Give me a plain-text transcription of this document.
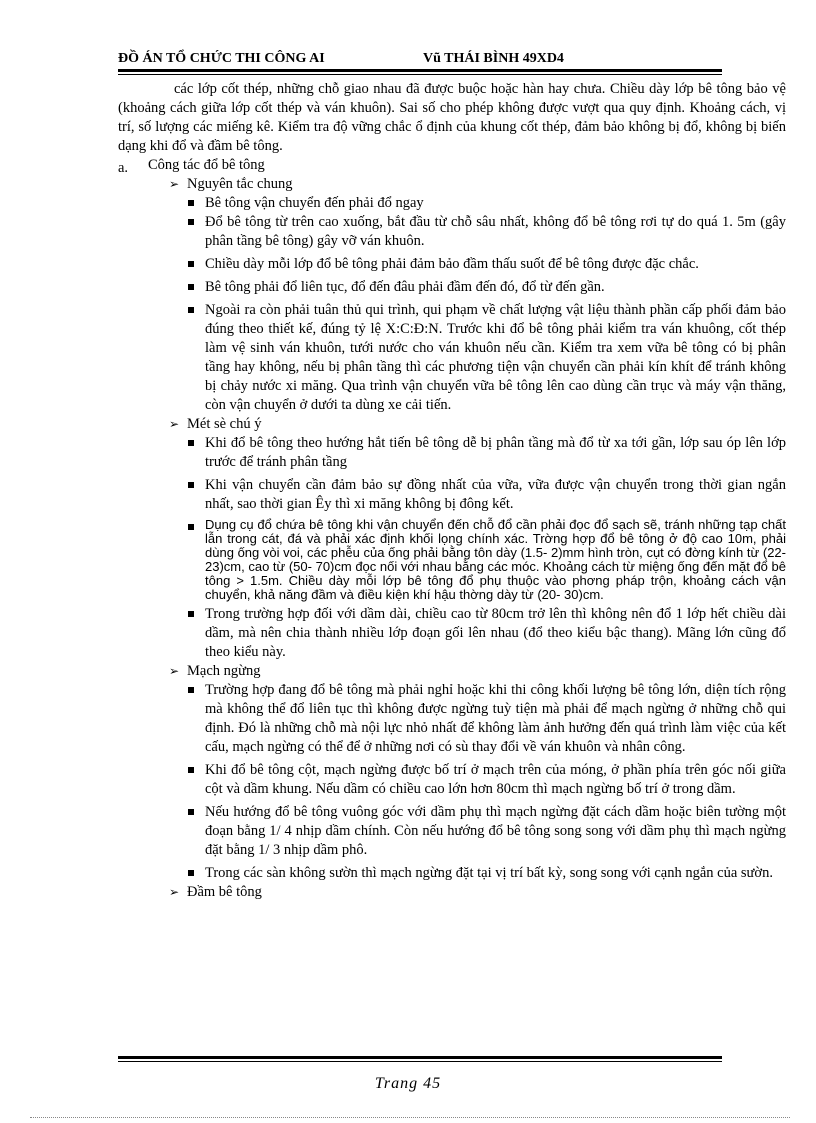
ĐỒ ÁN TỔ CHỨC THI CÔNG AI	Vũ THÁI BÌNH 49XD4

các lớp cốt thép, những chỗ giao nhau đã được buộc hoặc hàn hay chưa. Chiều dày lớp bê tông bảo vệ (khoảng cách giữa lớp cốt thép và ván khuôn). Sai số cho phép không được vượt qua quy định. Khoảng cách, vị trí, số lượng các miếng kê. Kiểm tra độ vững chắc ổ định của khung cốt thép, đảm bảo không bị đổ, không bị biến dạng khi đổ và đầm bê tông.

a. Công tác đổ bê tông
➢ Nguyên tắc chung
Bê tông vận chuyển đến phải đổ ngay
Đổ bê tông từ trên cao xuống, bắt đầu từ chỗ sâu nhất, không đổ bê tông rơi tự do quá 1. 5m (gây phân tầng bê tông) gây vỡ ván khuôn.
Chiều dày mỗi lớp đổ bê tông phải đảm bảo đầm thấu suốt để bê tông được đặc chắc.
Bê tông phải đổ liên tục, đổ đến đâu phải đầm đến đó, đổ từ đến gần.
Ngoài ra còn phải tuân thủ qui trình, qui phạm về chất lượng vật liệu thành phần cấp phối đảm bảo đúng theo thiết kế, đúng tỷ lệ X:C:Đ:N. Trước khi đổ bê tông phải kiểm tra ván khuông, cốt thép làm vệ sinh ván khuôn, tưới nước cho ván khuôn nếu cần. Kiểm tra xem vữa bê tông có bị phân tầng hay không, nếu bị phân tầng thì các phương tiện vận chuyển cần phải kín khít để tránh không bị chảy nước xi măng. Qua trình vận chuyển vữa bê tông lên cao dùng cần trục và máy vận thăng, còn vận chuyển ở dưới ta dùng xe cải tiến.
➢ Mét sè chú ý
Khi đổ bê tông theo hướng hắt tiến bê tông dễ bị phân tầng mà đổ từ xa tới gần, lớp sau óp lên lớp trước để tránh phân tầng
Khi vận chuyển cần đảm bảo sự đồng nhất của vữa, vữa được vận chuyển trong thời gian ngắn nhất, sao thời gian Êy thì xi măng không bị đông kết.
Dụng cụ đổ chứa bê tông khi vận chuyển đến chỗ đổ cần phải đọc đổ sạch sẽ, tránh những tạp chất lẫn trong cát, đá và phải xác định khối lọng chính xác. Trờng hợp đổ bê tông ở độ cao 10m, phải dùng ống vòi voi, các phễu của ống phải bằng tôn dày (1.5- 2)mm hình tròn, cụt có đờng kính từ (22- 23)cm, cao từ (50- 70)cm đọc nối với nhau bằng các móc. Khoảng cách từ miệng ống đến mặt đổ bê tông > 1.5m. Chiều dày mỗi lớp bê tông đổ phụ thuộc vào phơng pháp trộn, khoảng cách vận chuyển, khả năng đầm và điều kiện khí hậu thờng dày từ (20- 30)cm.
Trong trường hợp đối với dầm dài, chiều cao từ 80cm trở lên thì không nên đổ 1 lớp hết chiều dài dầm, mà nên chia thành nhiều lớp đoạn gối lên nhau (đổ theo kiểu bậc thang). Mãng lớn cũng đổ theo kiểu này.
➢ Mạch ngừng
Trường hợp đang đổ bê tông mà phải nghỉ hoặc khi thi công khối lượng bê tông lớn, diện tích rộng mà không thể đổ liên tục thì không được ngừng tuỳ tiện mà phải để mạch ngừng ở những chỗ qui định. Đó là những chỗ mà nội lực nhỏ nhất để không làm ảnh hưởng đến quá trình làm việc của kết cấu, mạch ngừng có thể để ở những nơi có sù thay đổi về ván khuôn và nhân công.
Khi đổ bê tông cột, mạch ngừng được bố trí ở mạch trên của móng, ở phần phía trên góc nối giữa cột và dầm khung. Nếu dầm có chiều cao lớn hơn 80cm thì mạch ngừng bố trí ở trong dầm.
Nếu hướng đổ bê tông vuông góc với dầm phụ thì mạch ngừng đặt cách dầm hoặc biên tường một đoạn bằng 1/ 4 nhịp dầm chính. Còn nếu hướng đổ bê tông song song với dầm phụ thì mạch ngừng đặt bằng 1/ 3 nhịp dầm phô.
Trong các sàn không sườn thì mạch ngừng đặt tại vị trí bất kỳ, song song với cạnh ngắn của sườn.
➢ Đầm bê tông
Trang 45
